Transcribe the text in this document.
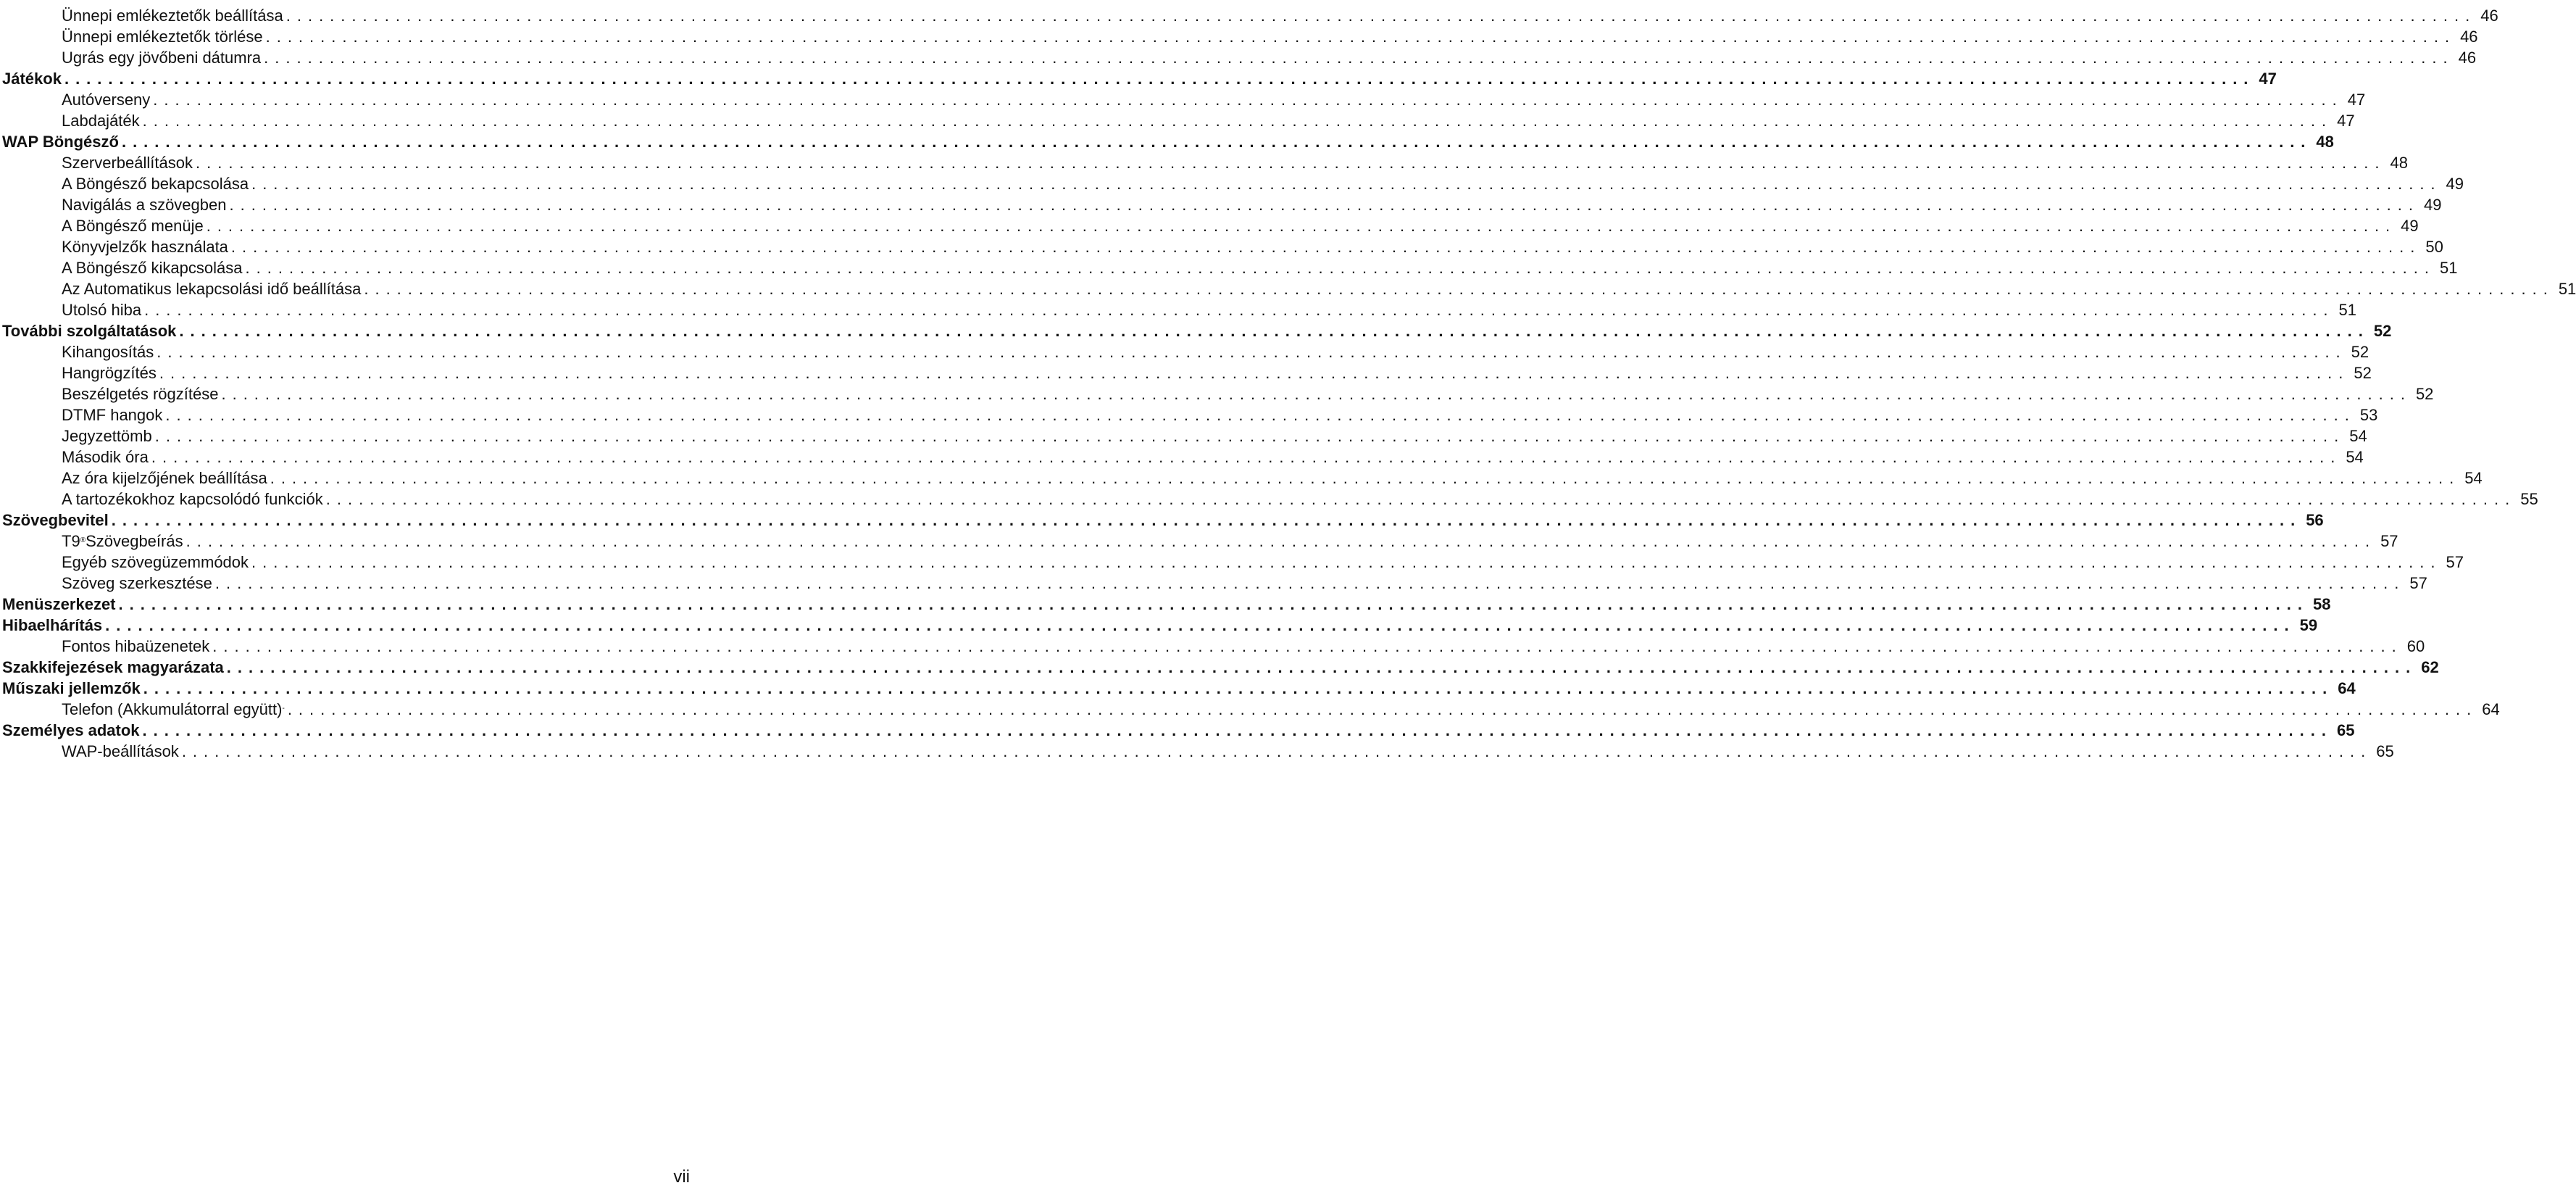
Ünnepi emlékeztetők beállítása ........................................................................................................................................................................................................ 46
Ünnepi emlékeztetők törlése ........................................................................................................................................................................................................ 46
Ugrás egy jövőbeni dátumra ........................................................................................................................................................................................................ 46
Játékok ........................................................................................................................................................................................................ 47
Autóverseny ........................................................................................................................................................................................................ 47
Labdajáték ........................................................................................................................................................................................................ 47
WAP Böngésző ........................................................................................................................................................................................................ 48
Szerverbeállítások ........................................................................................................................................................................................................ 48
A Böngésző bekapcsolása ........................................................................................................................................................................................................ 49
Navigálás a szövegben ........................................................................................................................................................................................................ 49
A Böngésző menüje ........................................................................................................................................................................................................ 49
Könyvjelzők használata ........................................................................................................................................................................................................ 50
A Böngésző kikapcsolása ........................................................................................................................................................................................................ 51
Az Automatikus lekapcsolási idő beállítása ........................................................................................................................................................................................................ 51
Utolsó hiba ........................................................................................................................................................................................................ 51
További szolgáltatások ........................................................................................................................................................................................................ 52
Kihangosítás ........................................................................................................................................................................................................ 52
Hangrögzítés ........................................................................................................................................................................................................ 52
Beszélgetés rögzítése ........................................................................................................................................................................................................ 52
DTMF hangok ........................................................................................................................................................................................................ 53
Jegyzettömb ........................................................................................................................................................................................................ 54
Második óra ........................................................................................................................................................................................................ 54
Az óra kijelzőjének beállítása ........................................................................................................................................................................................................ 54
A tartozékokhoz kapcsolódó funkciók ........................................................................................................................................................................................................ 55
Szövegbevitel ........................................................................................................................................................................................................ 56
T9®Szövegbeírás ........................................................................................................................................................................................................ 57
Egyéb szövegüzemmódok ........................................................................................................................................................................................................ 57
Szöveg szerkesztése ........................................................................................................................................................................................................ 57
Menüszerkezet ........................................................................................................................................................................................................ 58
Hibaelhárítás ........................................................................................................................................................................................................ 59
Fontos hibaüzenetek ........................................................................................................................................................................................................ 60
Szakkifejezések magyarázata ........................................................................................................................................................................................................ 62
Műszaki jellemzők ........................................................................................................................................................................................................ 64
Telefon (Akkumulátorral együtt)- ........................................................................................................................................................................................................ 64
Személyes adatok ........................................................................................................................................................................................................ 65
WAP-beállítások ........................................................................................................................................................................................................ 65
vii
